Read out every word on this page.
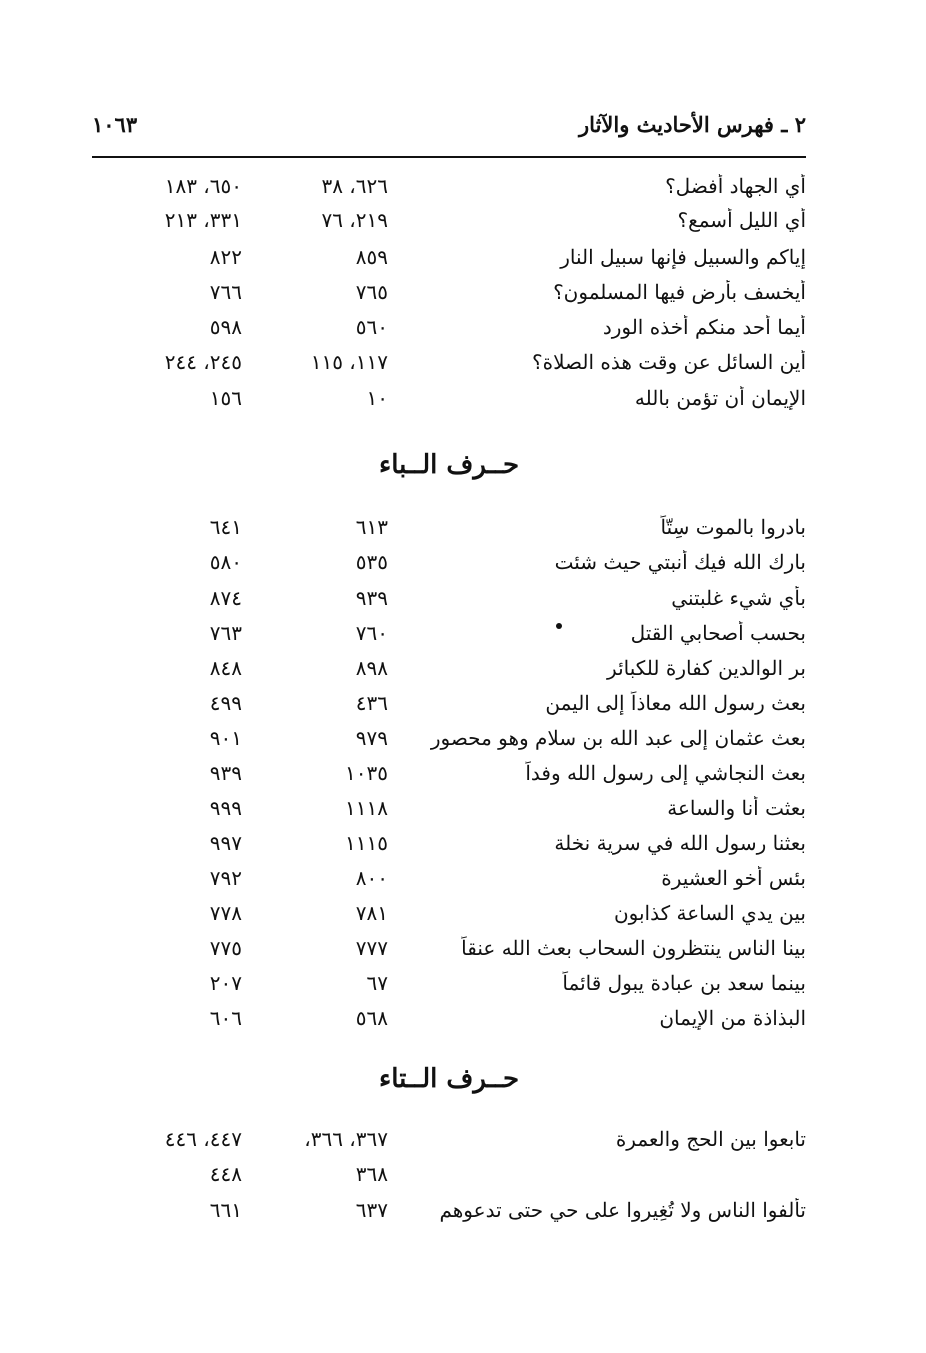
٢ ـ فهرس الأحاديث والآثار
١٠٦٣
أي الجهاد أفضل؟
٦٢٦، ٣٨
٦٥٠، ١٨٣
أي الليل أسمع؟
٢١٩، ٧٦
٣٣١، ٢١٣
إياكم والسبيل فإنها سبيل النار
٨٥٩
٨٢٢
أيخسف بأرض فيها المسلمون؟
٧٦٥
٧٦٦
أيما أحد منكم أخذه الورد
٥٦٠
٥٩٨
أين السائل عن وقت هذه الصلاة؟
١١٧، ١١٥
٢٤٥، ٢٤٤
الإيمان أن تؤمن بالله
١٠
١٥٦
حــرف الــباء
بادروا بالموت سِتّاً
٦١٣
٦٤١
بارك الله فيك أنبتي حيث شئت
٥٣٥
٥٨٠
بأي شيء غلبتني
٩٣٩
٨٧٤
بحسب أصحابي القتل
٧٦٠
٧٦٣
بر الوالدين كفارة للكبائر
٨٩٨
٨٤٨
بعث رسول الله معاذاً إلى اليمن
٤٣٦
٤٩٩
بعث عثمان إلى عبد الله بن سلام وهو محصور
٩٧٩
٩٠١
بعث النجاشي إلى رسول الله وفداً
١٠٣٥
٩٣٩
بعثت أنا والساعة
١١١٨
٩٩٩
بعثنا رسول الله في سرية نخلة
١١١٥
٩٩٧
بئس أخو العشيرة
٨٠٠
٧٩٢
بين يدي الساعة كذابون
٧٨١
٧٧٨
بينا الناس ينتظرون السحاب بعث الله عنقاً
٧٧٧
٧٧٥
بينما سعد بن عبادة يبول قائماً
٦٧
٢٠٧
البذاذة من الإيمان
٥٦٨
٦٠٦
حــرف الــتاء
تابعوا بين الحج والعمرة
٣٦٧، ٣٦٦،
٤٤٧، ٤٤٦
٣٦٨
٤٤٨
تألفوا الناس ولا تُغِيروا على حي حتى تدعوهم
٦٣٧
٦٦١
